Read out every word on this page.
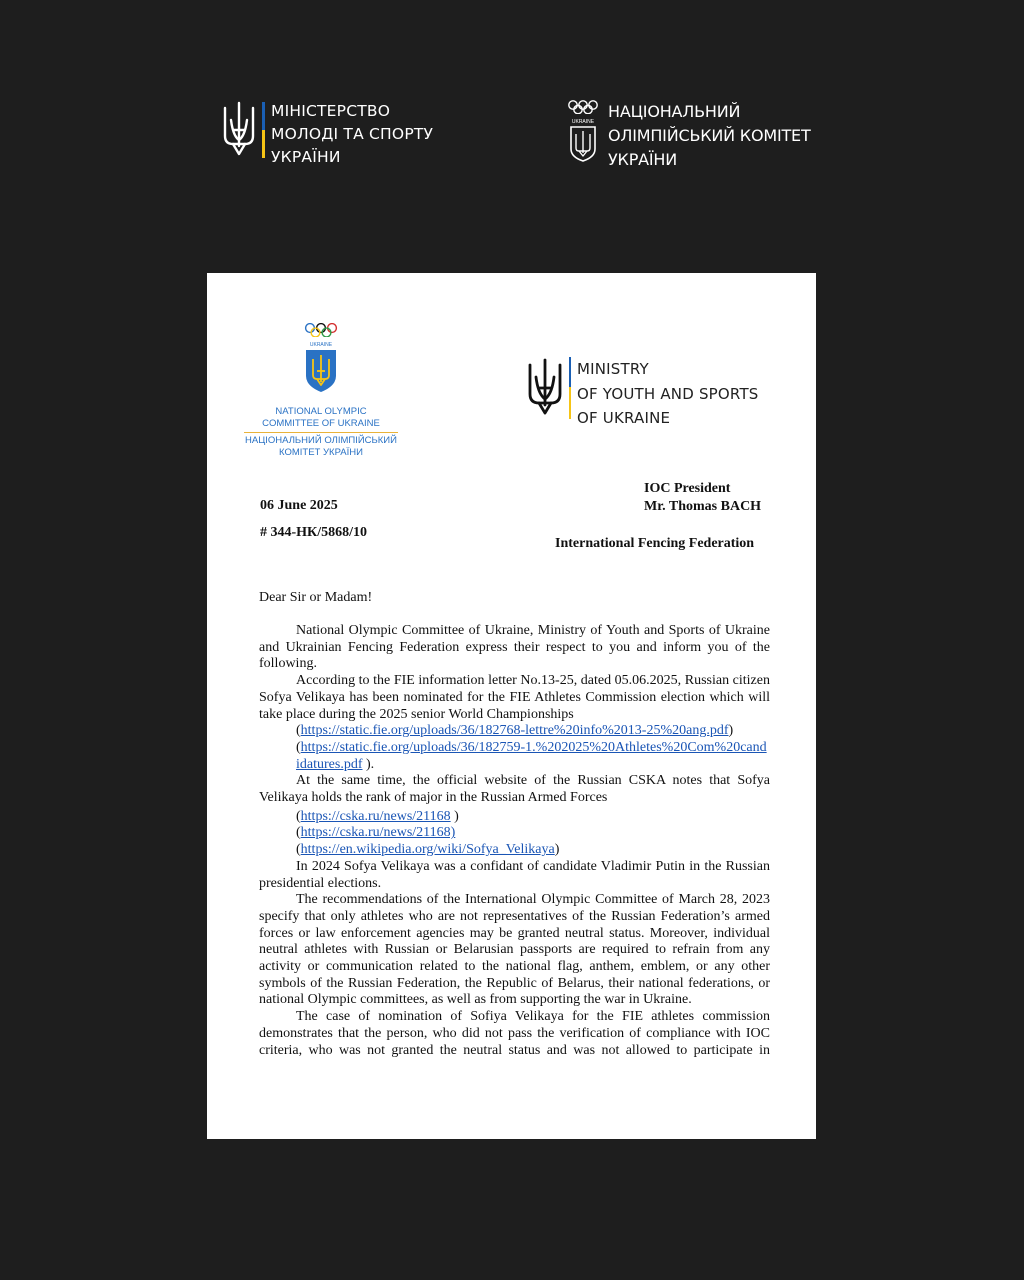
МІНІСТЕРСТВО
МОЛОДІ ТА СПОРТУ
УКРАЇНИ
UKRAINE
НАЦІОНАЛЬНИЙ
ОЛІМПІЙСЬКИЙ КОМІТЕТ
УКРАЇНИ
UKRAINE
NATIONAL OLYMPIC
COMMITTEE OF UKRAINE
НАЦІОНАЛЬНИЙ ОЛІМПІЙСЬКИЙ
КОМІТЕТ УКРАЇНИ
MINISTRY
OF YOUTH AND SPORTS
OF UKRAINE
06 June 2025
# 344-НК/5868/10
IOC President
Mr. Thomas BACH
International Fencing Federation
Dear Sir or Madam!

National Olympic Committee of Ukraine, Ministry of Youth and Sports of Ukraine and Ukrainian Fencing Federation express their respect to you and inform you of the following.

According to the FIE information letter No.13-25, dated 05.06.2025, Russian citizen Sofya Velikaya has been nominated for the FIE Athletes Commission election which will take place during the 2025 senior World Championships

(https://static.fie.org/uploads/36/182768-lettre%20info%2013-25%20ang.pdf)
(https://static.fie.org/uploads/36/182759-1.%202025%20Athletes%20Com%20candidatures.pdf ).

At the same time, the official website of the Russian CSKA notes that Sofya Velikaya holds the rank of major in the Russian Armed Forces

(https://cska.ru/news/21168 )
(https://cska.ru/news/21168)
(https://en.wikipedia.org/wiki/Sofya_Velikaya)

In 2024 Sofya Velikaya was a confidant of candidate Vladimir Putin in the Russian presidential elections.

The recommendations of the International Olympic Committee of March 28, 2023 specify that only athletes who are not representatives of the Russian Federation’s armed forces or law enforcement agencies may be granted neutral status. Moreover, individual neutral athletes with Russian or Belarusian passports are required to refrain from any activity or communication related to the national flag, anthem, emblem, or any other symbols of the Russian Federation, the Republic of Belarus, their national federations, or national Olympic committees, as well as from supporting the war in Ukraine.

The case of nomination of Sofiya Velikaya for the FIE athletes commission demonstrates that the person, who did not pass the verification of compliance with IOC criteria, who was not granted the neutral status and was not allowed to participate in
